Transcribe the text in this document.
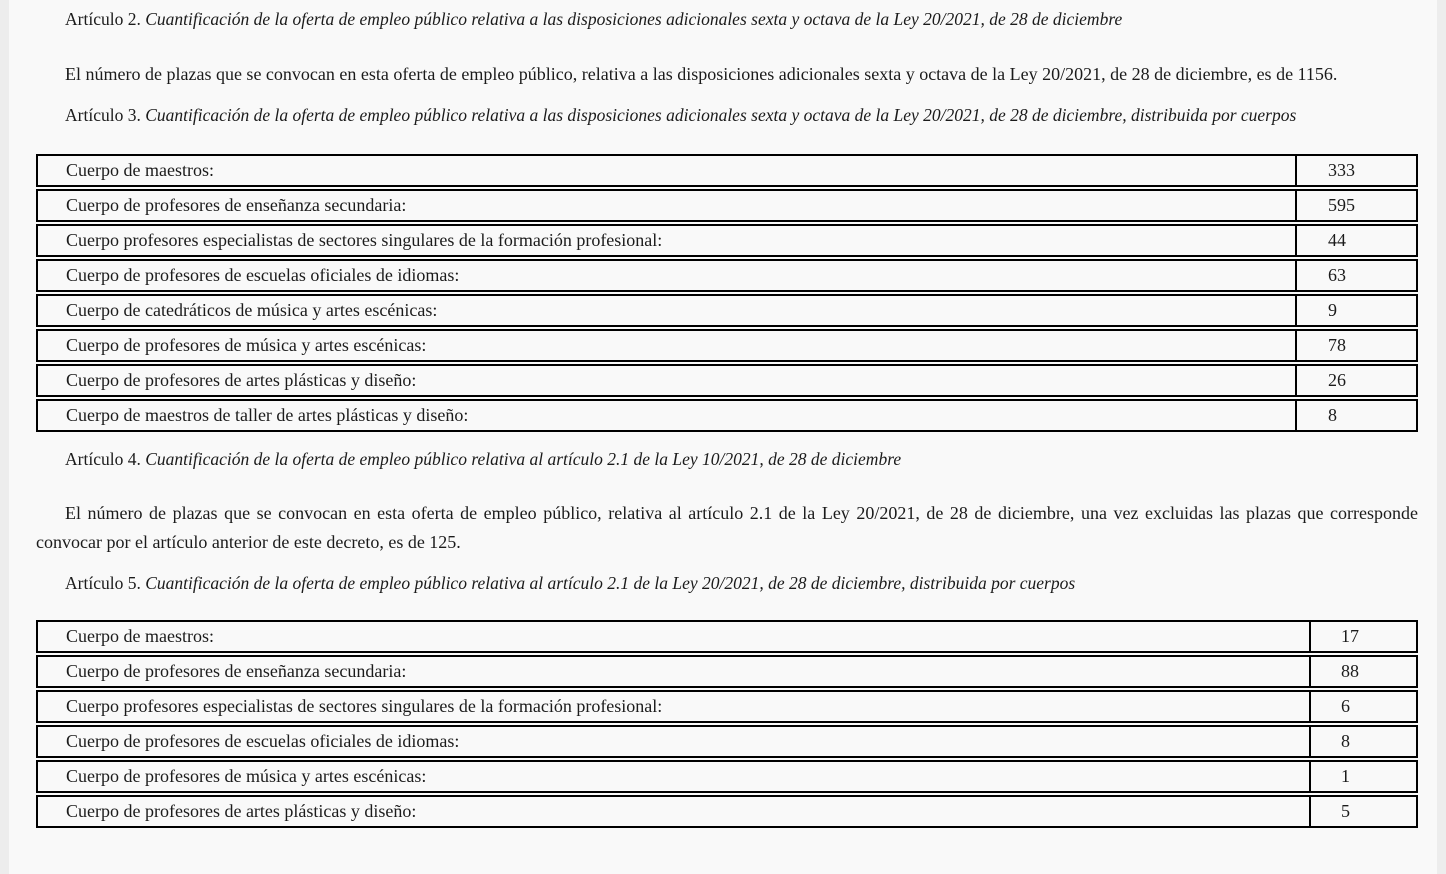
Artículo 2. Cuantificación de la oferta de empleo público relativa a las disposiciones adicionales sexta y octava de la Ley 20/2021, de 28 de diciembre

El número de plazas que se convocan en esta oferta de empleo público, relativa a las disposiciones adicionales sexta y octava de la Ley 20/2021, de 28 de diciembre, es de 1156.

Artículo 3. Cuantificación de la oferta de empleo público relativa a las disposiciones adicionales sexta y octava de la Ley 20/2021, de 28 de diciembre, distribuida por cuerpos
Cuerpo de maestros:	333
Cuerpo de profesores de enseñanza secundaria:	595
Cuerpo profesores especialistas de sectores singulares de la formación profesional:	44
Cuerpo de profesores de escuelas oficiales de idiomas:	63
Cuerpo de catedráticos de música y artes escénicas:	9
Cuerpo de profesores de música y artes escénicas:	78
Cuerpo de profesores de artes plásticas y diseño:	26
Cuerpo de maestros de taller de artes plásticas y diseño:	8
Artículo 4. Cuantificación de la oferta de empleo público relativa al artículo 2.1 de la Ley 10/2021, de 28 de diciembre

El número de plazas que se convocan en esta oferta de empleo público, relativa al artículo 2.1 de la Ley 20/2021, de 28 de diciembre, una vez excluidas las plazas que corresponde convocar por el artículo anterior de este decreto, es de 125.

Artículo 5. Cuantificación de la oferta de empleo público relativa al artículo 2.1 de la Ley 20/2021, de 28 de diciembre, distribuida por cuerpos
Cuerpo de maestros:	17
Cuerpo de profesores de enseñanza secundaria:	88
Cuerpo profesores especialistas de sectores singulares de la formación profesional:	6
Cuerpo de profesores de escuelas oficiales de idiomas:	8
Cuerpo de profesores de música y artes escénicas:	1
Cuerpo de profesores de artes plásticas y diseño:	5
